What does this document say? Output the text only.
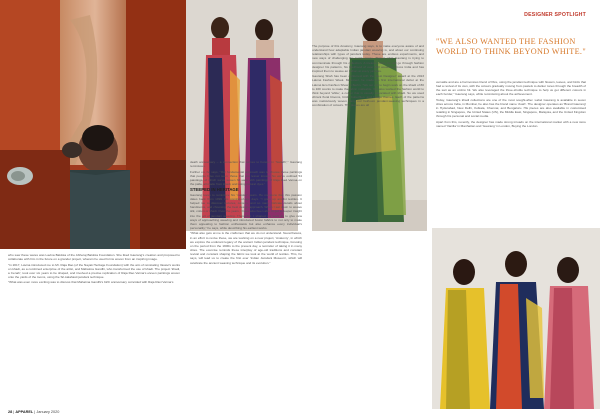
DESIGNER SPOTLIGHT
"WE ALSO WANTED THE FASHION WORLD TO THINK BEYOND WHITE."

who saw these wares was Lavina Baldota of the Abheraj Baldota Foundation. She liked Gaurang's creation and proposed to collaborate with him in the future on a grander project, wherein he used forms woven from an inspiring image.

"In 2017, Lavina introduced me to Mr. Raja Rao (of the Nayak Heritage Foundation) with the aim of reinstating Vasavi's works on khadi, as a combined enterprise of the artist, and Mahatma Gandhi, who transformed the use of khadi. The project 'khadi, a Cenah', took over six years to be shaped, and involved a precise replication of Raja Rao Varma's eleven paintings woven onto the yards of the looms, using the Sri-kalahasti jamdani technique.

"What was even more exciting was to discuss that Mahatma Gandhi's birth anniversary coincided with Raja Ravi Varma's

death anniversary – a connection that serves to honour in 'Saradh'," Gaurang reminisces.

Further on, he says, "Our fundamental approach was to choose those paintings that people have not seen; those that are lesser known. So we've outlined 54 paintings, of which we've woven 32 saris with paintings of Raja Ravi Varma on the palla, all made from khadi, and using natural dyes."

STEEPED IN HERITAGE

Gaurang loves to reminisce his 'maiden' years. He mentions that this passion dates back from 1999, his coming-of-age days. "I grew up amidst textiles. It helped me to discover textures, colours, and so many intricate details about handlooms, and choosing the best design approach. When I sat down to weave silk, cotton or khadi. Over the years, I have also been able to get a deeper insight into the art of jamdani weaving. Thereafter, I shaped my work as to give new ways of approaching weaving and introduced fusion fabrics to not only to make them appealing to fashion enthusiasts but also enhance every individual's personality," he says, while describing his earliest works.

"What also gets at me is the craftsmen that we do not understand. Nevertheless, in an effort to revive these, we are working on a new project, 'Anatomy', in which we explore the endurant legacy of the ancient Indian jamdani technique, focusing on the period from the 1900s to the present day, a reminder of taking it in many cities. The exercise reminds these interplay of age-old traditions and constant revival and constant shaping the fabric we look at the world of textiles. This, he says, will lead us to create the first ever 'Indian Jamdani Museum', which will celebrate the ancient weaving technique and its evolution."

The purpose of this Anatomy, Gaurang says, is to make everyone aware of and understand how adaptable Indian jamdani weaving is, and about our continuing relationships with types of jamdani today. These are endless experiments, and new ways of challenging the textile space. That is what Gaurang is trying to communicate through his collection. A tireless vision, he will go through fashion designer his patterns, his likelihood of over 800 weavers across India and has inspired them to weave an Indian at every juncture.

Gaurang Shah has been conferred with the 'Best Designer' award at the 2013 Lakmé Fashion Week. Moreover, he made his first international debut at the Lakmé Eco Fashion Show in Berlin. "We set out to begin work on the khadi of 80 to 100 counts to make the fabric malleable. We also worked the fashion world to think beyond 'white', a colour that is usually associated with khadi. So we used vibrant floral blooms, birds, butterflies, and foliage themes. Each of the patterns was meticulously woven using our heirloom jamdani-weaving techniques in a combination of colours. The pieces are all

versatile and are a harmonious blend of fibre, using the jamdani technique with flowers, leaves, and birds that had a revival of its own, with the colours gradually moving from pastels to darker tones through the breadth of the sari as an ombré hit. We also leveraged the three-shuttle technique to help us get different colours in each border," Gaurang says, while reminiscing about the achievement.

Today, Gaurang's khadi collections are one of the most sought-after. Label Gaurang is available in seven cities across India, in Mumbai, he also has the brand name 'Asah'. The designer operates as 'Brand Gaurang' in Hyderabad, New Delhi, Kolkata, Chennai, and Bengaluru. His pieces are also available in customised retailing in Singapore, the United States (US), the Middle East, Singapore, Malaysia, and the United Kingdom through his personal and social media.

Apart from this, recently, the designer has made strong inroads on the international market with a new store named 'Vanilla' in Manhattan and 'Gaurang' in London, Buying the London.

28 | APPAREL | January 2020
